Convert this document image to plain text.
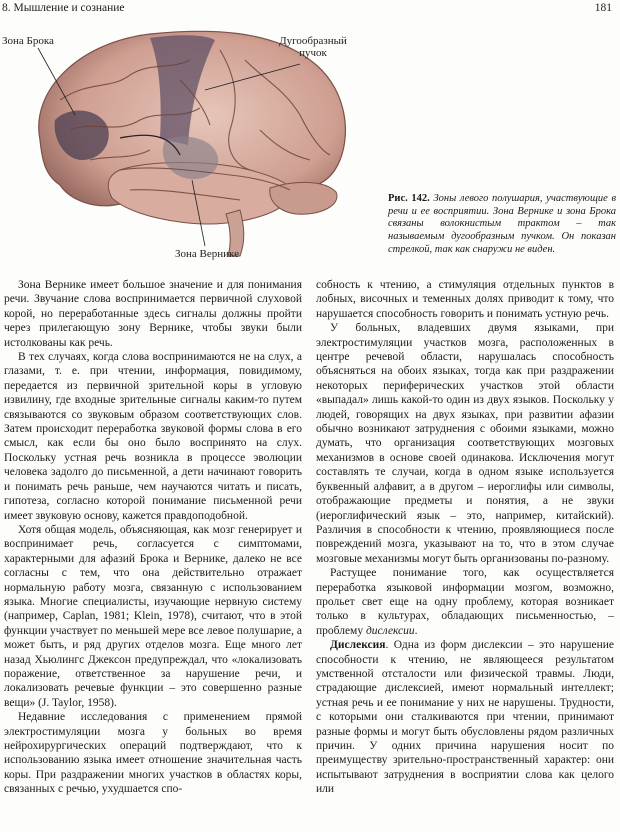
8. Мышление и сознание	181
Зона Брока	Дугообразный
пучок
Зона Вернике
Рис. 142. Зоны левого полушария, участвующие в речи и ее восприятии. Зона Вернике и зона Брока связаны волокнистым трактом – так называемым дугообразным пучком. Он показан стрелкой, так как снаружи не виден.

Зона Вернике имеет большое значение и для понимания речи. Звучание слова воспринимается первичной слуховой корой, но переработанные здесь сигналы должны пройти через прилегающую зону Вернике, чтобы звуки были истолкованы как речь.

В тех случаях, когда слова воспринимаются не на слух, а глазами, т. е. при чтении, информация, повидимому, передается из первичной зрительной коры в угловую извилину, где входные зрительные сигналы каким-то путем связываются со звуковым образом соответствующих слов. Затем происходит переработка звуковой формы слова в его смысл, как если бы оно было воспринято на слух. Поскольку устная речь возникла в процессе эволюции человека задолго до письменной, а дети начинают говорить и понимать речь раньше, чем научаются читать и писать, гипотеза, согласно которой понимание письменной речи имеет звуковую основу, кажется правдоподобной.

Хотя общая модель, объясняющая, как мозг генерирует и воспринимает речь, согласуется с симптомами, характерными для афазий Брока и Вернике, далеко не все согласны с тем, что она действительно отражает нормальную работу мозга, связанную с использованием языка. Многие специалисты, изучающие нервную систему (например, Caplan, 1981; Klein, 1978), считают, что в этой функции участвует по меньшей мере все левое полушарие, а может быть, и ряд других отделов мозга. Еще много лет назад Хьюлингс Джексон предупреждал, что «локализовать поражение, ответственное за нарушение речи, и локализовать речевые функции – это совершенно разные вещи» (J. Taylor, 1958).

Недавние исследования с применением прямой электростимуляции мозга у больных во время нейрохирургических операций подтверждают, что к использованию языка имеет отношение значительная часть коры. При раздражении многих участков в областях коры, связанных с речью, ухудшается спо-

собность к чтению, а стимуляция отдельных пунктов в лобных, височных и теменных долях приводит к тому, что нарушается способность говорить и понимать устную речь.

У больных, владевших двумя языками, при электростимуляции участков мозга, расположенных в центре речевой области, нарушалась способность объясняться на обоих языках, тогда как при раздражении некоторых периферических участков этой области «выпадал» лишь какой-то один из двух языков. Поскольку у людей, говорящих на двух языках, при развитии афазии обычно возникают затруднения с обоими языками, можно думать, что организация соответствующих мозговых механизмов в основе своей одинакова. Исключения могут составлять те случаи, когда в одном языке используется буквенный алфавит, а в другом – иероглифы или символы, отображающие предметы и понятия, а не звуки (иероглифический язык – это, например, китайский). Различия в способности к чтению, проявляющиеся после повреждений мозга, указывают на то, что в этом случае мозговые механизмы могут быть организованы по-разному.

Растущее понимание того, как осуществляется переработка языковой информации мозгом, возможно, прольет свет еще на одну проблему, которая возникает только в культурах, обладающих письменностью, – проблему дислексии.

Дислексия. Одна из форм дислексии – это нарушение способности к чтению, не являющееся результатом умственной отсталости или физической травмы. Люди, страдающие дислексией, имеют нормальный интеллект; устная речь и ее понимание у них не нарушены. Трудности, с которыми они сталкиваются при чтении, принимают разные формы и могут быть обусловлены рядом различных причин. У одних причина нарушения носит по преимуществу зрительно-пространственный характер: они испытывают затруднения в восприятии слова как целого или
